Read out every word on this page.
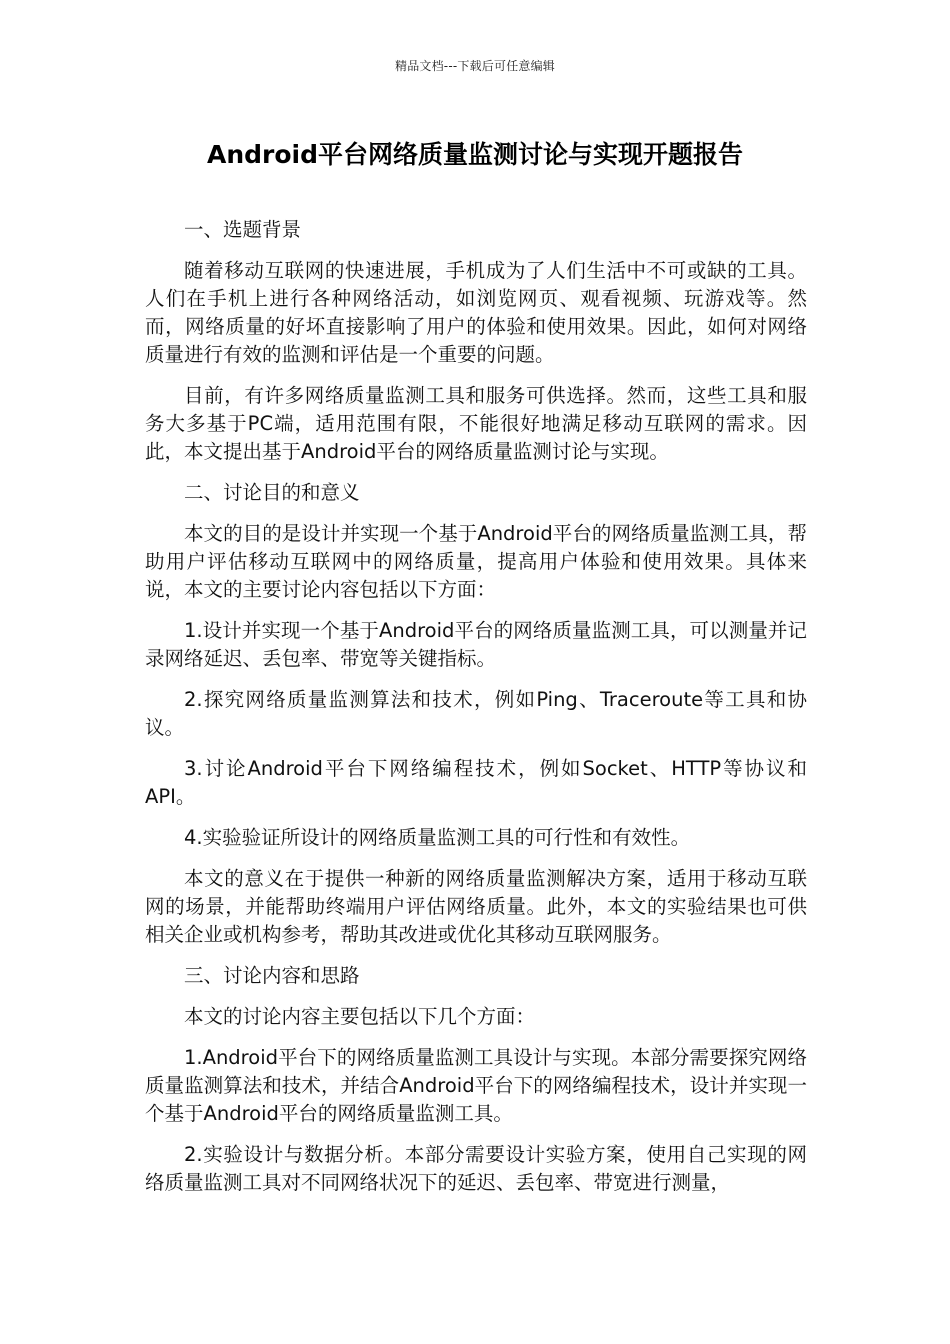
精品文档---下载后可任意编辑
Android平台网络质量监测讨论与实现开题报告

一、选题背景

随着移动互联网的快速进展，手机成为了人们生活中不可或缺的工具。人们在手机上进行各种网络活动，如浏览网页、观看视频、玩游戏等。然而，网络质量的好坏直接影响了用户的体验和使用效果。因此，如何对网络质量进行有效的监测和评估是一个重要的问题。

目前，有许多网络质量监测工具和服务可供选择。然而，这些工具和服务大多基于PC端，适用范围有限，不能很好地满足移动互联网的需求。因此，本文提出基于Android平台的网络质量监测讨论与实现。

二、讨论目的和意义

本文的目的是设计并实现一个基于Android平台的网络质量监测工具，帮助用户评估移动互联网中的网络质量，提高用户体验和使用效果。具体来说，本文的主要讨论内容包括以下方面：

1.设计并实现一个基于Android平台的网络质量监测工具，可以测量并记录网络延迟、丢包率、带宽等关键指标。

2.探究网络质量监测算法和技术，例如Ping、Traceroute等工具和协议。

3.讨论Android平台下网络编程技术，例如Socket、HTTP等协议和API。

4.实验验证所设计的网络质量监测工具的可行性和有效性。

本文的意义在于提供一种新的网络质量监测解决方案，适用于移动互联网的场景，并能帮助终端用户评估网络质量。此外，本文的实验结果也可供相关企业或机构参考，帮助其改进或优化其移动互联网服务。

三、讨论内容和思路

本文的讨论内容主要包括以下几个方面：

1.Android平台下的网络质量监测工具设计与实现。本部分需要探究网络质量监测算法和技术，并结合Android平台下的网络编程技术，设计并实现一个基于Android平台的网络质量监测工具。

2.实验设计与数据分析。本部分需要设计实验方案，使用自己实现的网络质量监测工具对不同网络状况下的延迟、丢包率、带宽进行测量，
